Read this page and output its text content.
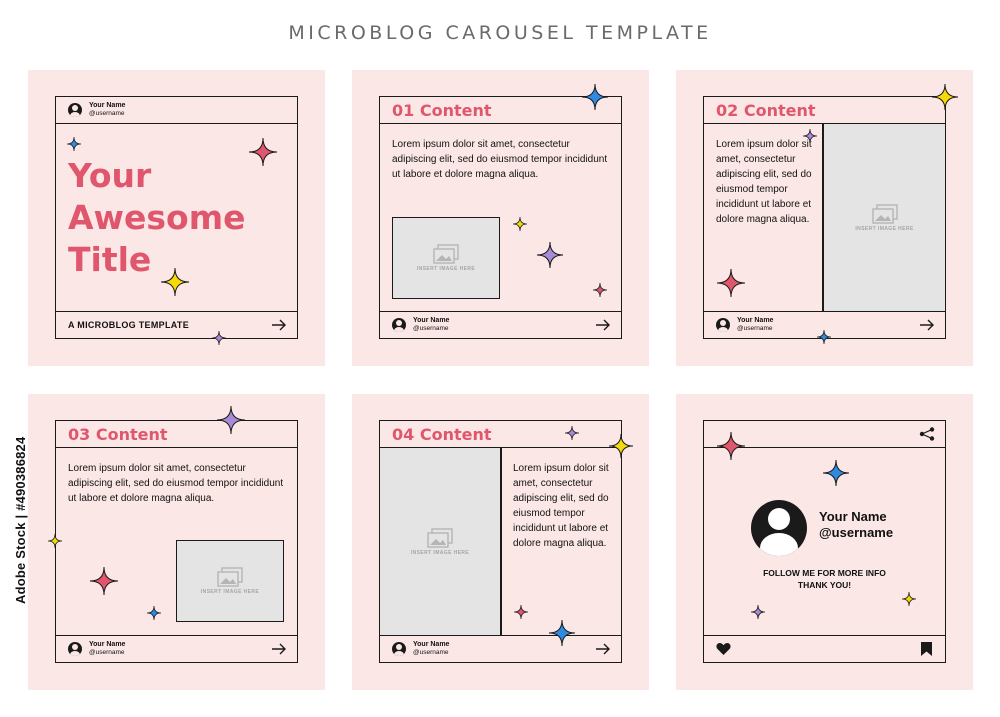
MICROBLOG CAROUSEL TEMPLATE
Adobe Stock | #490386824
Your Name
@username
Your
Awesome
Title
A MICROBLOG TEMPLATE
01 Content
Lorem ipsum dolor sit amet, consectetur adipiscing elit, sed do eiusmod tempor incididunt ut labore et dolore magna aliqua.
INSERT IMAGE HERE
Your Name
@username
02 Content
Lorem ipsum dolor sit amet, consectetur adipiscing elit, sed do eiusmod tempor incididunt ut labore et dolore magna aliqua.
INSERT IMAGE HERE
Your Name
@username
03 Content
Lorem ipsum dolor sit amet, consectetur adipiscing elit, sed do eiusmod tempor incididunt ut labore et dolore magna aliqua.
INSERT IMAGE HERE
Your Name
@username
04 Content
INSERT IMAGE HERE
Lorem ipsum dolor sit amet, consectetur adipiscing elit, sed do eiusmod tempor incididunt ut labore et dolore magna aliqua.
Your Name
@username
Your Name
@username
FOLLOW ME FOR MORE INFO
THANK YOU!
